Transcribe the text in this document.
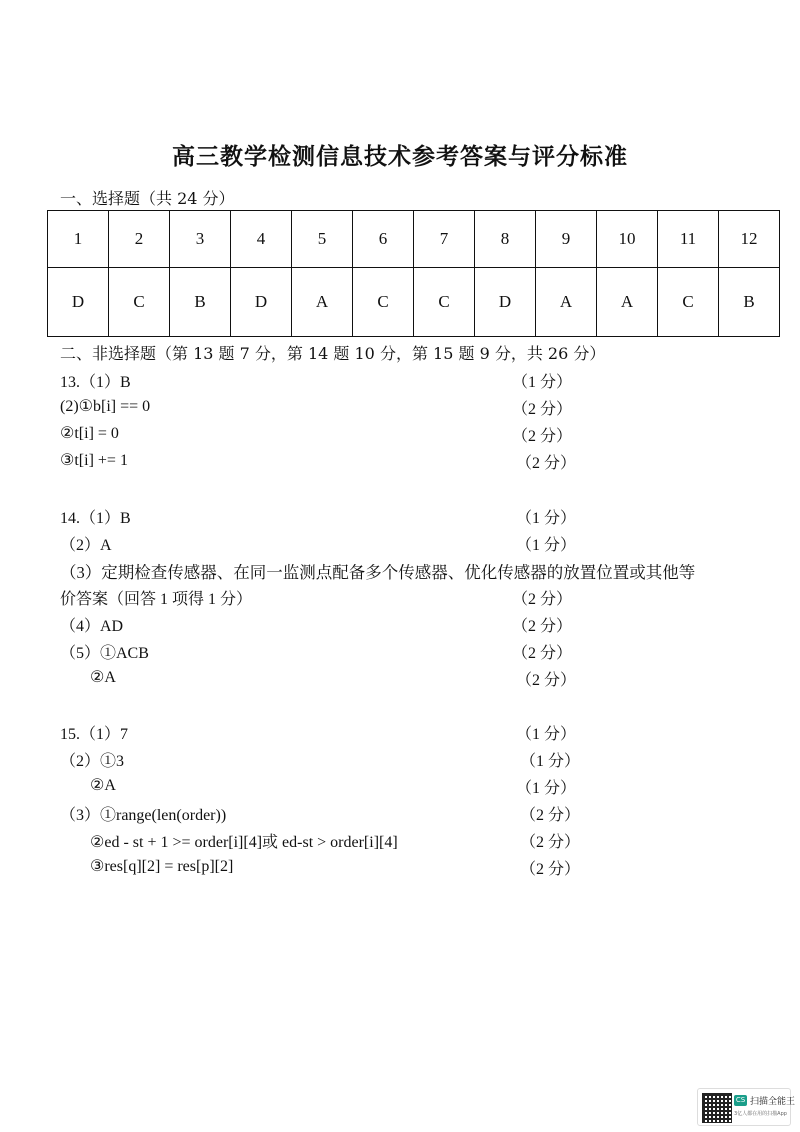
高三教学检测信息技术参考答案与评分标准
一、选择题（共 24 分）
1	2	3	4	5	6	7	8	9	10	11	12
D	C	B	D	A	C	C	D	A	A	C	B
二、非选择题（第 13 题 7 分，第 14 题 10 分，第 15 题 9 分，共 26 分）
13.（1）B	（1 分）
(2)①b[i] == 0	（2 分）
②t[i] = 0	（2 分）
③t[i] += 1	（2 分）
14.（1）B	（1 分）
（2）A	（1 分）
（3）定期检查传感器、在同一监测点配备多个传感器、优化传感器的放置位置或其他等
价答案（回答 1 项得 1 分）	（2 分）
（4）AD	（2 分）
（5）①ACB	（2 分）
②A	（2 分）
15.（1）7	（1 分）
（2）①3	（1 分）
②A	（1 分）
（3）①range(len(order))	（2 分）
②ed - st + 1 >= order[i][4]或 ed-st > order[i][4]	（2 分）
③res[q][2] = res[p][2]	（2 分）
CS 扫描全能王
3亿人都在用的扫描App
